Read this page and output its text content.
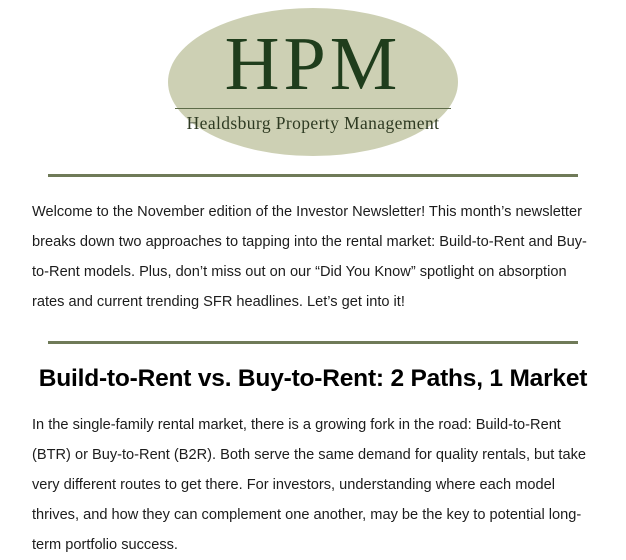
HPM
Healdsburg Property Management

Welcome to the November edition of the Investor Newsletter! This month’s newsletter breaks down two approaches to tapping into the rental market: Build-to-Rent and Buy-to-Rent models. Plus, don’t miss out on our “Did You Know” spotlight on absorption rates and current trending SFR headlines. Let’s get into it!

Build-to-Rent vs. Buy-to-Rent: 2 Paths, 1 Market

In the single-family rental market, there is a growing fork in the road: Build-to-Rent (BTR) or Buy-to-Rent (B2R). Both serve the same demand for quality rentals, but take very different routes to get there. For investors, understanding where each model thrives, and how they can complement one another, may be the key to potential long-term portfolio success.
